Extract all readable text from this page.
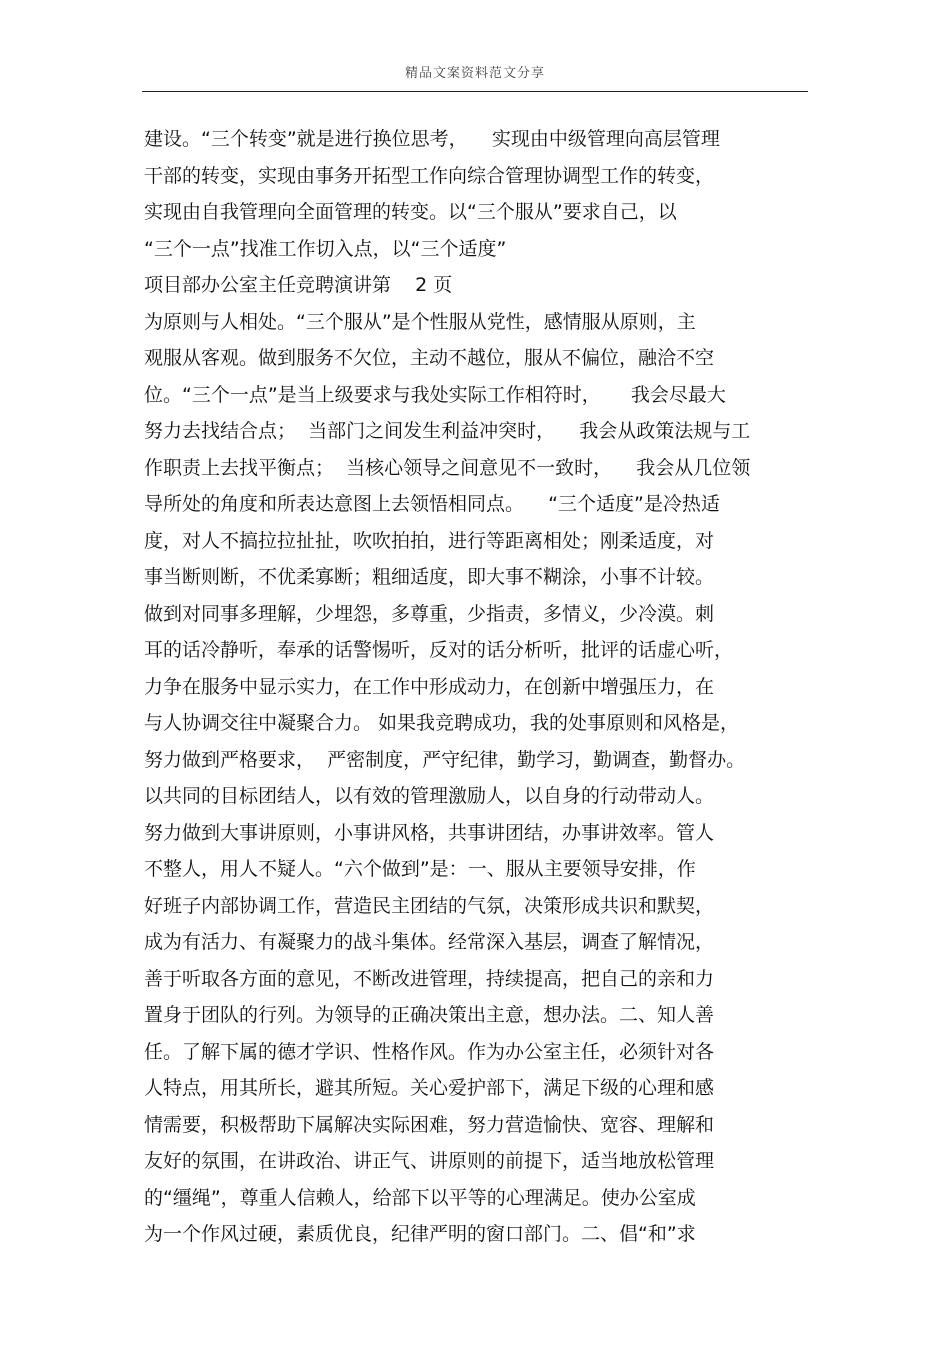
精品文案资料范文分享
建设。“三个转变”就是进行换位思考，    实现由中级管理向高层管理
干部的转变，实现由事务开拓型工作向综合管理协调型工作的转变，
实现由自我管理向全面管理的转变。以“三个服从”要求自己，以
“三个一点”找准工作切入点，以“三个适度”
项目部办公室主任竞聘演讲第    2 页
为原则与人相处。“三个服从”是个性服从党性，感情服从原则，主
观服从客观。做到服务不欠位，主动不越位，服从不偏位，融洽不空
位。“三个一点”是当上级要求与我处实际工作相符时，     我会尽最大
努力去找结合点；  当部门之间发生利益冲突时，    我会从政策法规与工
作职责上去找平衡点；  当核心领导之间意见不一致时，    我会从几位领
导所处的角度和所表达意图上去领悟相同点。    “三个适度”是冷热适
度，对人不搞拉拉扯扯，吹吹拍拍，进行等距离相处；刚柔适度，对
事当断则断，不优柔寡断；粗细适度，即大事不糊涂，小事不计较。
做到对同事多理解，少埋怨，多尊重，少指责，多情义，少冷漠。刺
耳的话冷静听，奉承的话警惕听，反对的话分析听，批评的话虚心听，
力争在服务中显示实力，在工作中形成动力，在创新中增强压力，在
与人协调交往中凝聚合力。 如果我竞聘成功，我的处事原则和风格是，
努力做到严格要求，  严密制度，严守纪律，勤学习，勤调查，勤督办。
以共同的目标团结人，以有效的管理激励人，以自身的行动带动人。
努力做到大事讲原则，小事讲风格，共事讲团结，办事讲效率。管人
不整人，用人不疑人。“六个做到”是：一、服从主要领导安排，作
好班子内部协调工作，营造民主团结的气氛，决策形成共识和默契，
成为有活力、有凝聚力的战斗集体。经常深入基层，调查了解情况，
善于听取各方面的意见，不断改进管理，持续提高，把自己的亲和力
置身于团队的行列。为领导的正确决策出主意，想办法。二、知人善
任。了解下属的德才学识、性格作风。作为办公室主任，必须针对各
人特点，用其所长，避其所短。关心爱护部下，满足下级的心理和感
情需要，积极帮助下属解决实际困难，努力营造愉快、宽容、理解和
友好的氛围，在讲政治、讲正气、讲原则的前提下，适当地放松管理
的“缰绳”，尊重人信赖人，给部下以平等的心理满足。使办公室成
为一个作风过硬，素质优良，纪律严明的窗口部门。二、倡“和”求
